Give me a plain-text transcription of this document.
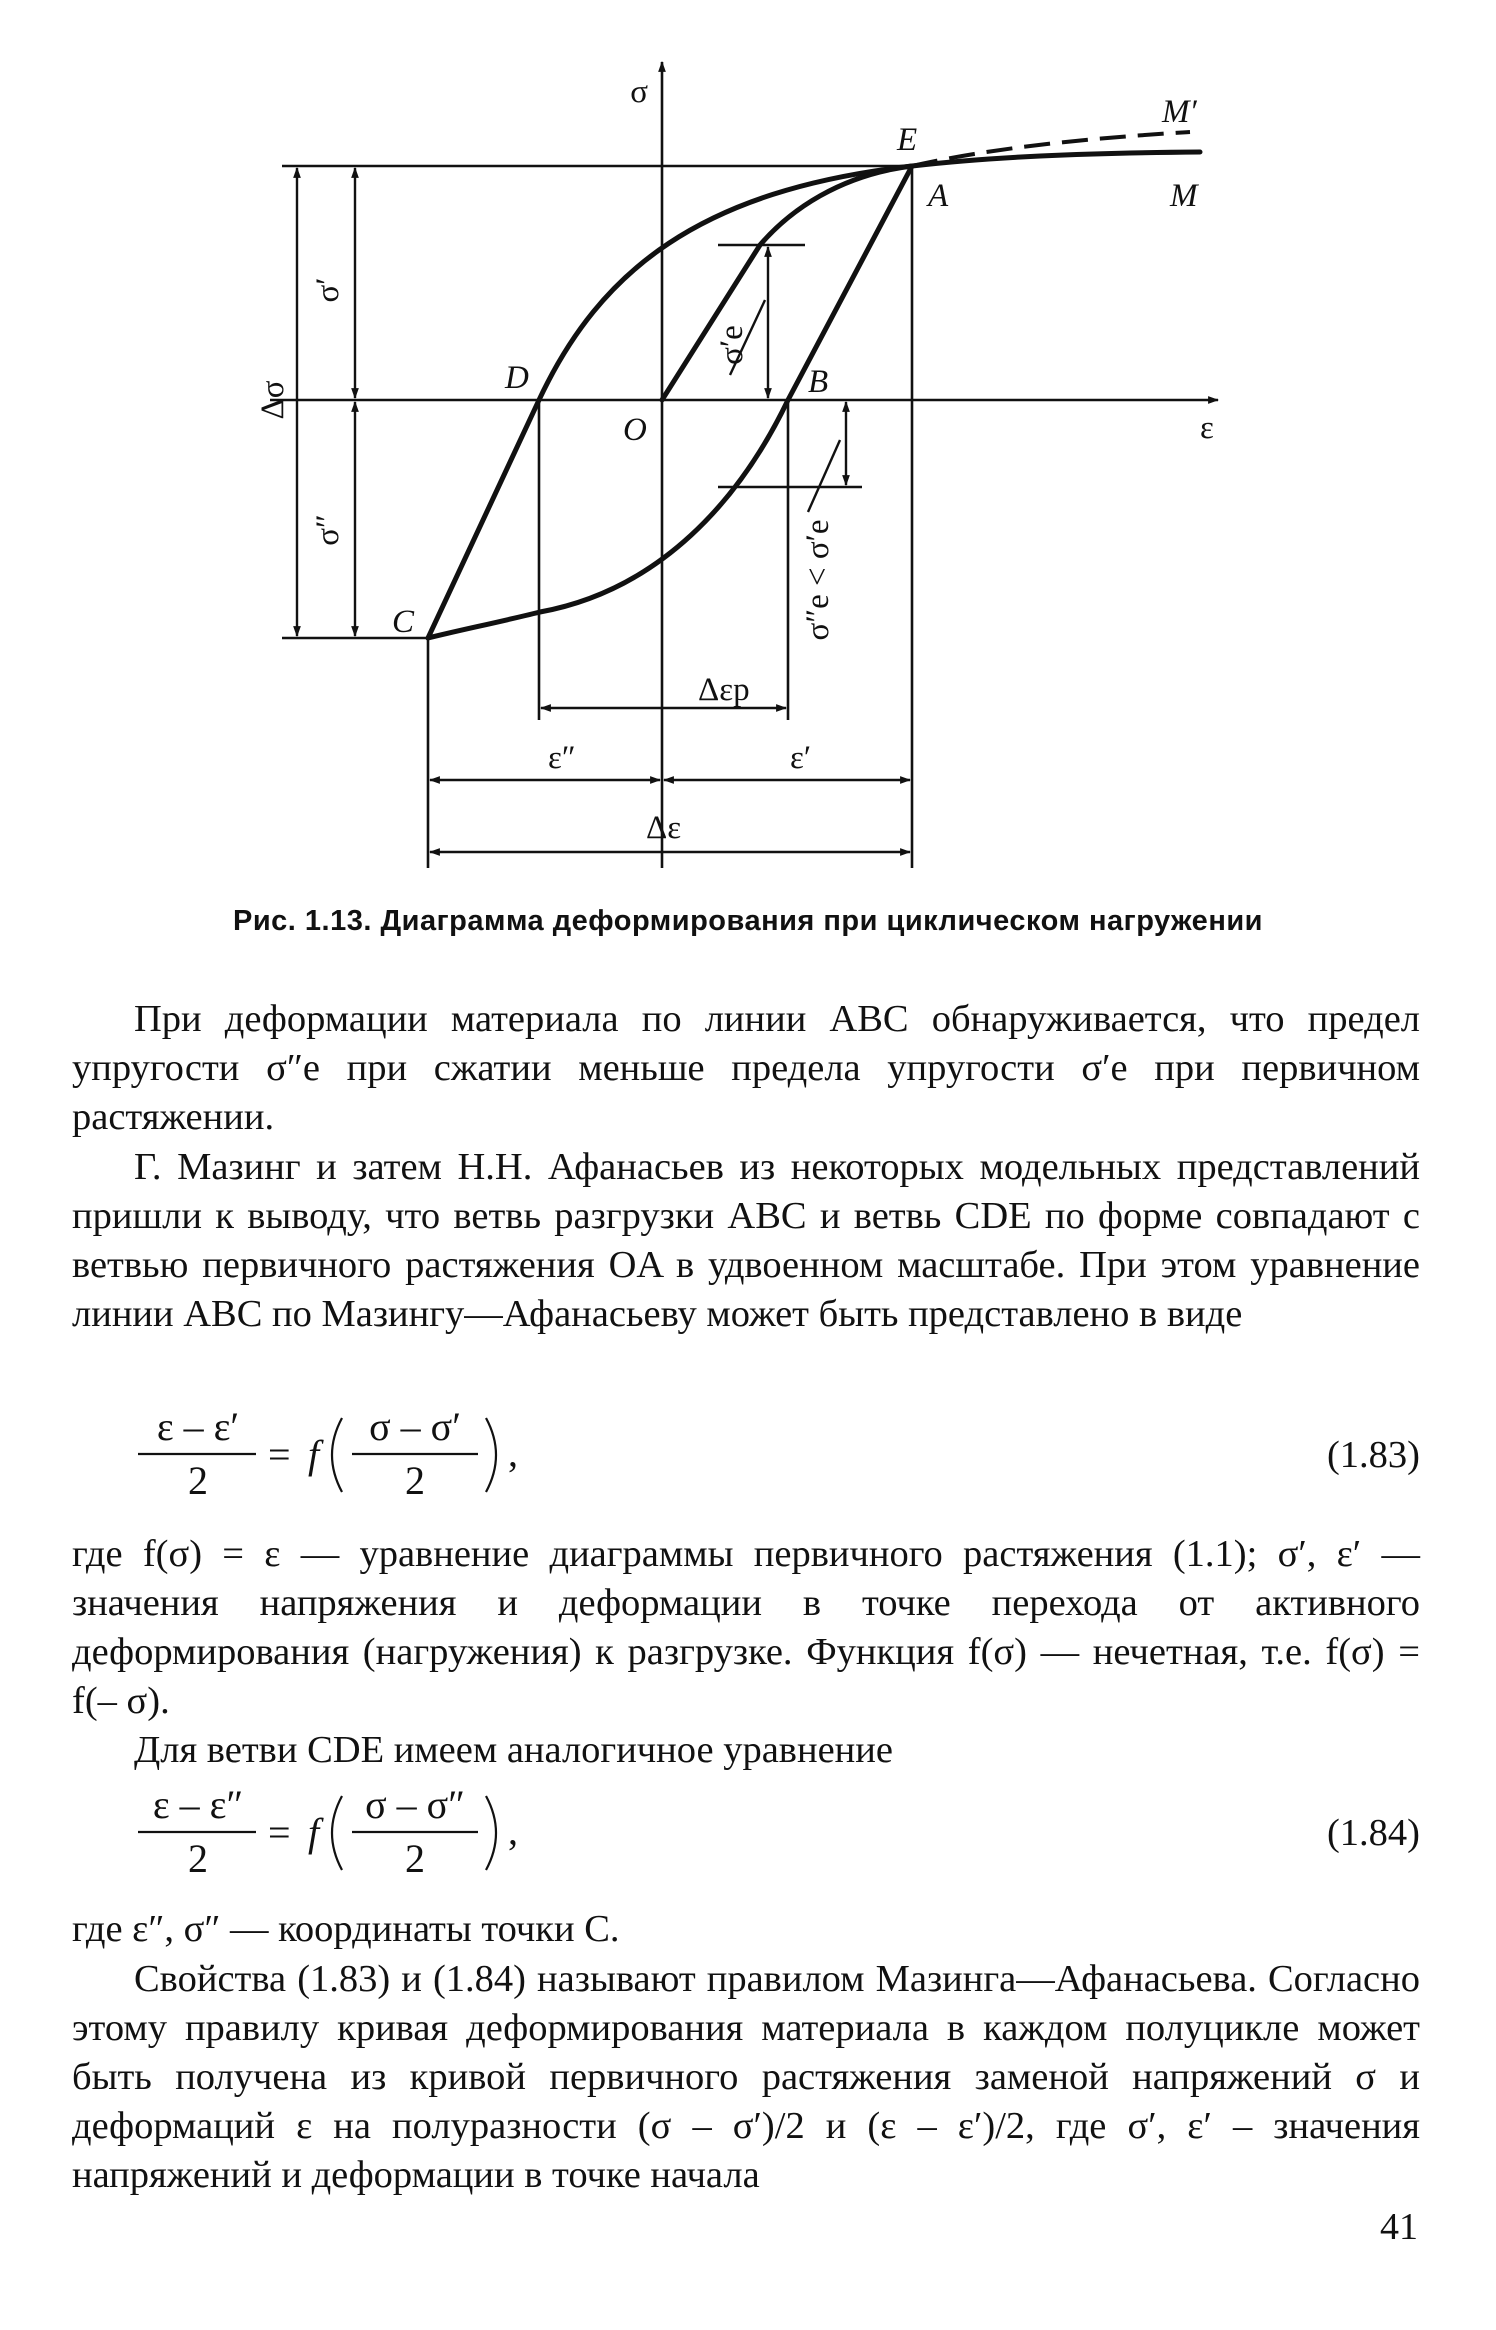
σ
ε
E
A
M′
M
D
O
B
C
Δσ
σ′
σ″
σ′e
σ″e < σ′e
Δεp
ε″	ε′
Δε
Рис. 1.13. Диаграмма деформирования при циклическом нагружении

При деформации материала по линии ABC обнаруживается, что предел упругости σ″e при сжатии меньше предела упругости σ′e при первичном растяжении.

Г. Мазинг и затем Н.Н. Афанасьев из некоторых модельных представлений пришли к выводу, что ветвь разгрузки ABC и ветвь CDE по форме совпадают с ветвью первичного растяжения OA в удвоенном масштабе. При этом уравнение линии ABC по Мазингу—Афанасьеву может быть представлено в виде

ε – ε′
2
= f
σ – σ′
2
,	(1.83)

где f(σ) = ε — уравнение диаграммы первичного растяжения (1.1); σ′, ε′ — значения напряжения и деформации в точке перехода от активного деформирования (нагружения) к разгрузке. Функция f(σ) — нечетная, т.е. f(σ) = f(– σ).

Для ветви CDE имеем аналогичное уравнение

ε – ε″
2
= f
σ – σ″
2
,	(1.84)

где ε″, σ″ — координаты точки C.

Свойства (1.83) и (1.84) называют правилом Мазинга—Афанасьева. Согласно этому правилу кривая деформирования материала в каждом полуцикле может быть получена из кривой первичного растяжения заменой напряжений σ и деформаций ε на полуразности (σ – σ′)/2 и (ε – ε′)/2, где σ′, ε′ – значения напряжений и деформации в точке начала

41
